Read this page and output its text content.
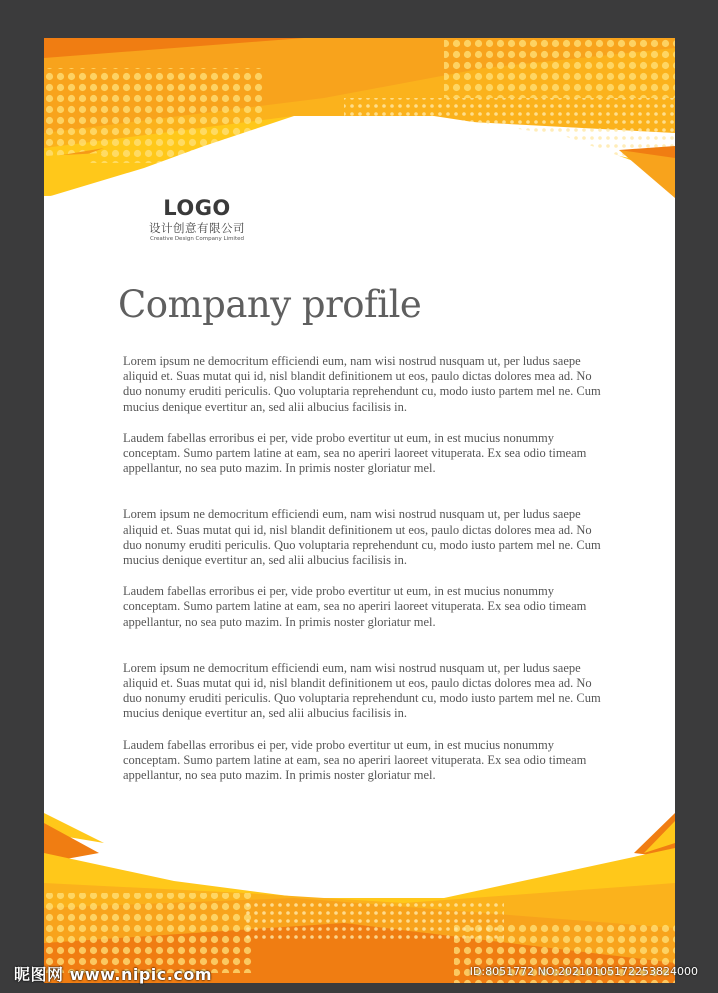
LOGO
设计创意有限公司
Creative Design Company Limited
Company profile

Lorem ipsum ne democritum efficiendi eum, nam wisi nostrud nusquam ut, per ludus saepe aliquid et. Suas mutat qui id, nisl blandit definitionem ut eos, paulo dictas dolores mea ad. No duo nonumy eruditi periculis. Quo voluptaria reprehendunt cu, modo iusto partem mel ne. Cum mucius denique evertitur an, sed alii albucius facilisis in.

Laudem fabellas erroribus ei per, vide probo evertitur ut eum, in est mucius nonummy conceptam. Sumo partem latine at eam, sea no aperiri laoreet vituperata. Ex sea odio timeam appellantur, no sea puto mazim. In primis noster gloriatur mel.

Lorem ipsum ne democritum efficiendi eum, nam wisi nostrud nusquam ut, per ludus saepe aliquid et. Suas mutat qui id, nisl blandit definitionem ut eos, paulo dictas dolores mea ad. No duo nonumy eruditi periculis. Quo voluptaria reprehendunt cu, modo iusto partem mel ne. Cum mucius denique evertitur an, sed alii albucius facilisis in.

Laudem fabellas erroribus ei per, vide probo evertitur ut eum, in est mucius nonummy conceptam. Sumo partem latine at eam, sea no aperiri laoreet vituperata. Ex sea odio timeam appellantur, no sea puto mazim. In primis noster gloriatur mel.

Lorem ipsum ne democritum efficiendi eum, nam wisi nostrud nusquam ut, per ludus saepe aliquid et. Suas mutat qui id, nisl blandit definitionem ut eos, paulo dictas dolores mea ad. No duo nonumy eruditi periculis. Quo voluptaria reprehendunt cu, modo iusto partem mel ne. Cum mucius denique evertitur an, sed alii albucius facilisis in.

Laudem fabellas erroribus ei per, vide probo evertitur ut eum, in est mucius nonummy conceptam. Sumo partem latine at eam, sea no aperiri laoreet vituperata. Ex sea odio timeam appellantur, no sea puto mazim. In primis noster gloriatur mel.

昵图网 www.nipic.com	ID:8051772 NO:20210105172253824000
